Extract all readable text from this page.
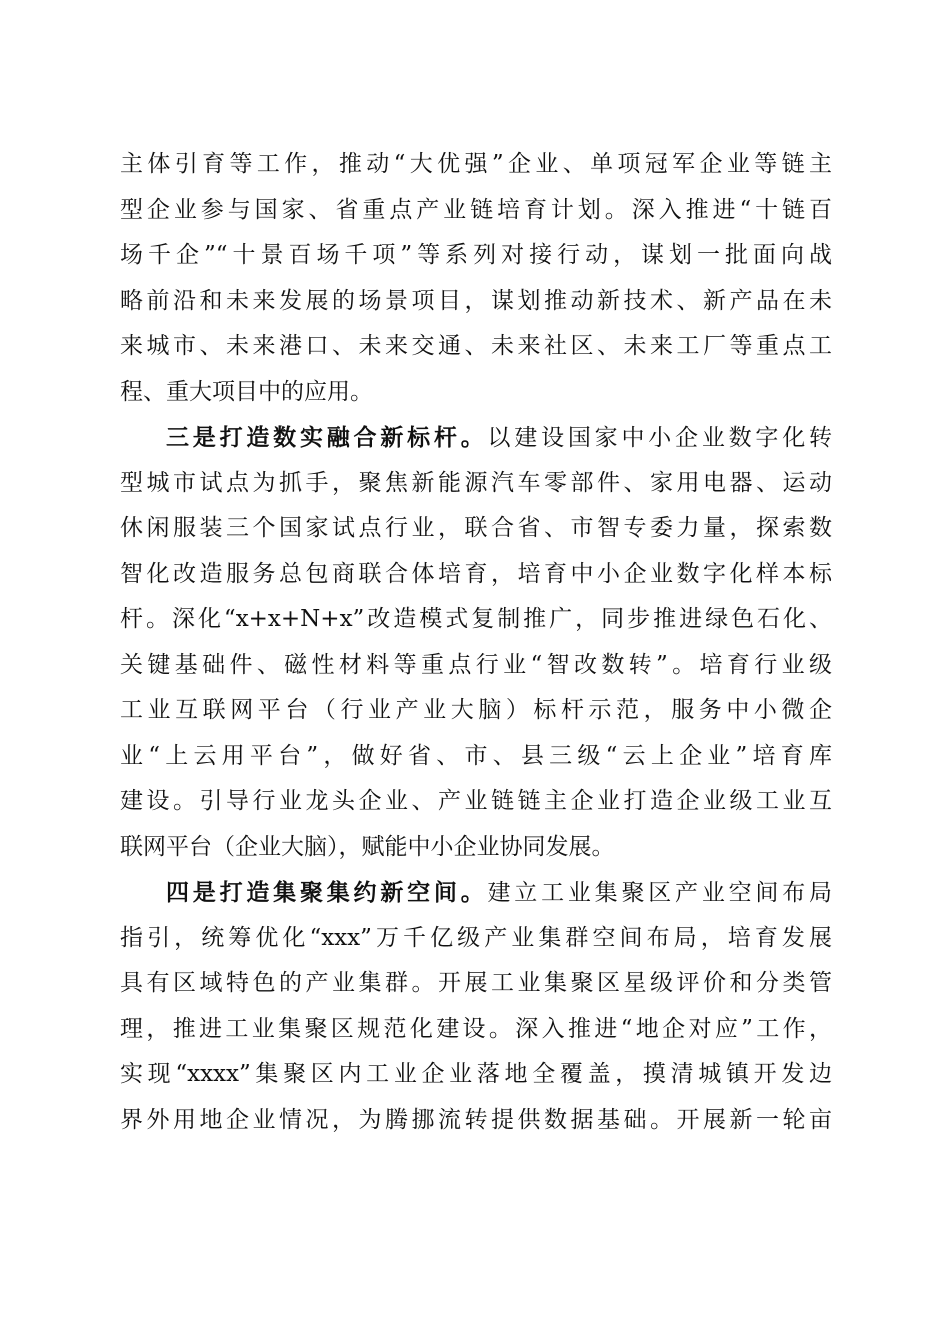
主体引育等工作，推动“大优强”企业、单项冠军企业等链主
型企业参与国家、省重点产业链培育计划。深入推进“十链百
场千企”“十景百场千项”等系列对接行动，谋划一批面向战
略前沿和未来发展的场景项目，谋划推动新技术、新产品在未
来城市、未来港口、未来交通、未来社区、未来工厂等重点工
程、重大项目中的应用。
三是打造数实融合新标杆。以建设国家中小企业数字化转
型城市试点为抓手，聚焦新能源汽车零部件、家用电器、运动
休闲服装三个国家试点行业，联合省、市智专委力量，探索数
智化改造服务总包商联合体培育，培育中小企业数字化样本标
杆。深化“x+x+N+x”改造模式复制推广，同步推进绿色石化、
关键基础件、磁性材料等重点行业“智改数转”。培育行业级
工业互联网平台（行业产业大脑）标杆示范，服务中小微企
业“上云用平台”，做好省、市、县三级“云上企业”培育库
建设。引导行业龙头企业、产业链链主企业打造企业级工业互
联网平台（企业大脑），赋能中小企业协同发展。
四是打造集聚集约新空间。建立工业集聚区产业空间布局
指引，统筹优化“xxx”万千亿级产业集群空间布局，培育发展
具有区域特色的产业集群。开展工业集聚区星级评价和分类管
理，推进工业集聚区规范化建设。深入推进“地企对应”工作，
实现“xxxx”集聚区内工业企业落地全覆盖，摸清城镇开发边
界外用地企业情况，为腾挪流转提供数据基础。开展新一轮亩
